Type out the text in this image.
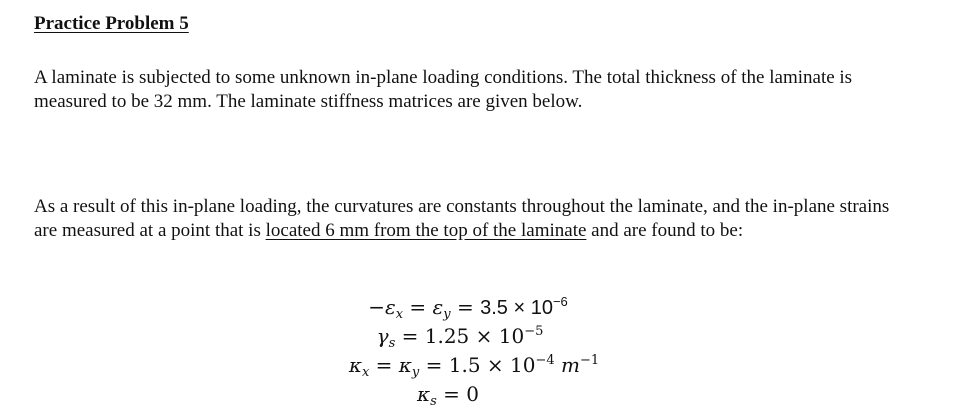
Practice Problem 5
A laminate is subjected to some unknown in-plane loading conditions. The total thickness of the laminate is measured to be 32 mm. The laminate stiffness matrices are given below.
As a result of this in-plane loading, the curvatures are constants throughout the laminate, and the in-plane strains are measured at a point that is located 6 mm from the top of the laminate and are found to be:
$-\varepsilon_x = \varepsilon_y = 3.5 \times 10^{-6}$
$\gamma_s = 1.25 \times 10^{-5}$
$\kappa_x = \kappa_y = 1.5 \times 10^{-4}$ $m^{-1}$
$\kappa_s = 0$
